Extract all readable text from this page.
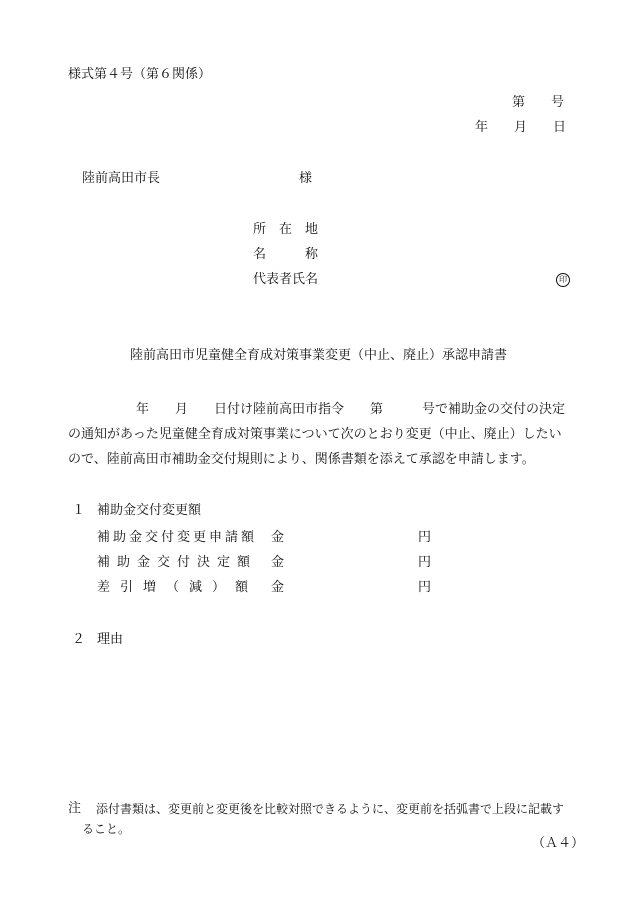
様式第４号（第６関係）
第　　号
年　　月　　日
陸前高田市長	様
所　在　地
名　　　称
代表者氏名	印
陸前高田市児童健全育成対策事業変更（中止、廃止）承認申請書
年　　月　　日付け陸前高田市指令　　第　　　号で補助金の交付の決定
の通知があった児童健全育成対策事業について次のとおり変更（中止、廃止）したい
ので、陸前高田市補助金交付規則により、関係書類を添えて承認を申請します。
１ 補助金交付変更額
補助金交付変更申請額 金	円
補助金交付決定額 金	円
差引増（減）額 金	円
２ 理由
注 添付書類は、変更前と変更後を比較対照できるように、変更前を括弧書で上段に記載す
ること。
（Ａ４）
